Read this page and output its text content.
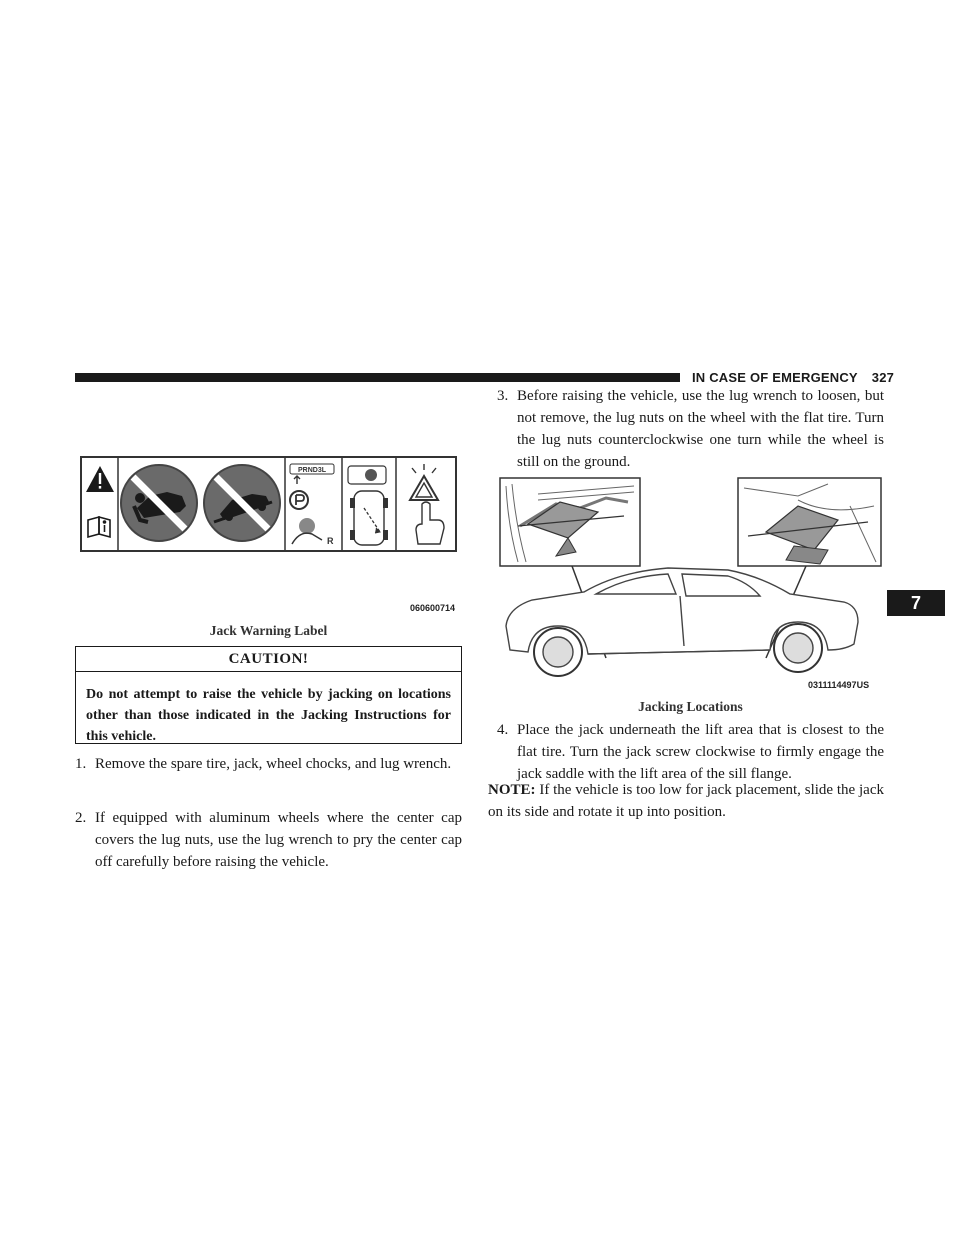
IN CASE OF EMERGENCY 327
7
PRND3L
R
060600714
Jack Warning Label
CAUTION!
Do not attempt to raise the vehicle by jacking on locations other than those indicated in the Jacking Instructions for this vehicle.
1. Remove the spare tire, jack, wheel chocks, and lug wrench.
2. If equipped with aluminum wheels where the center cap covers the lug nuts, use the lug wrench to pry the center cap off carefully before raising the vehicle.
3. Before raising the vehicle, use the lug wrench to loosen, but not remove, the lug nuts on the wheel with the flat tire. Turn the lug nuts counterclockwise one turn while the wheel is still on the ground.
0311114497US
Jacking Locations
4. Place the jack underneath the lift area that is closest to the flat tire. Turn the jack screw clockwise to firmly engage the jack saddle with the lift area of the sill flange.
NOTE: If the vehicle is too low for jack placement, slide the jack on its side and rotate it up into position.
